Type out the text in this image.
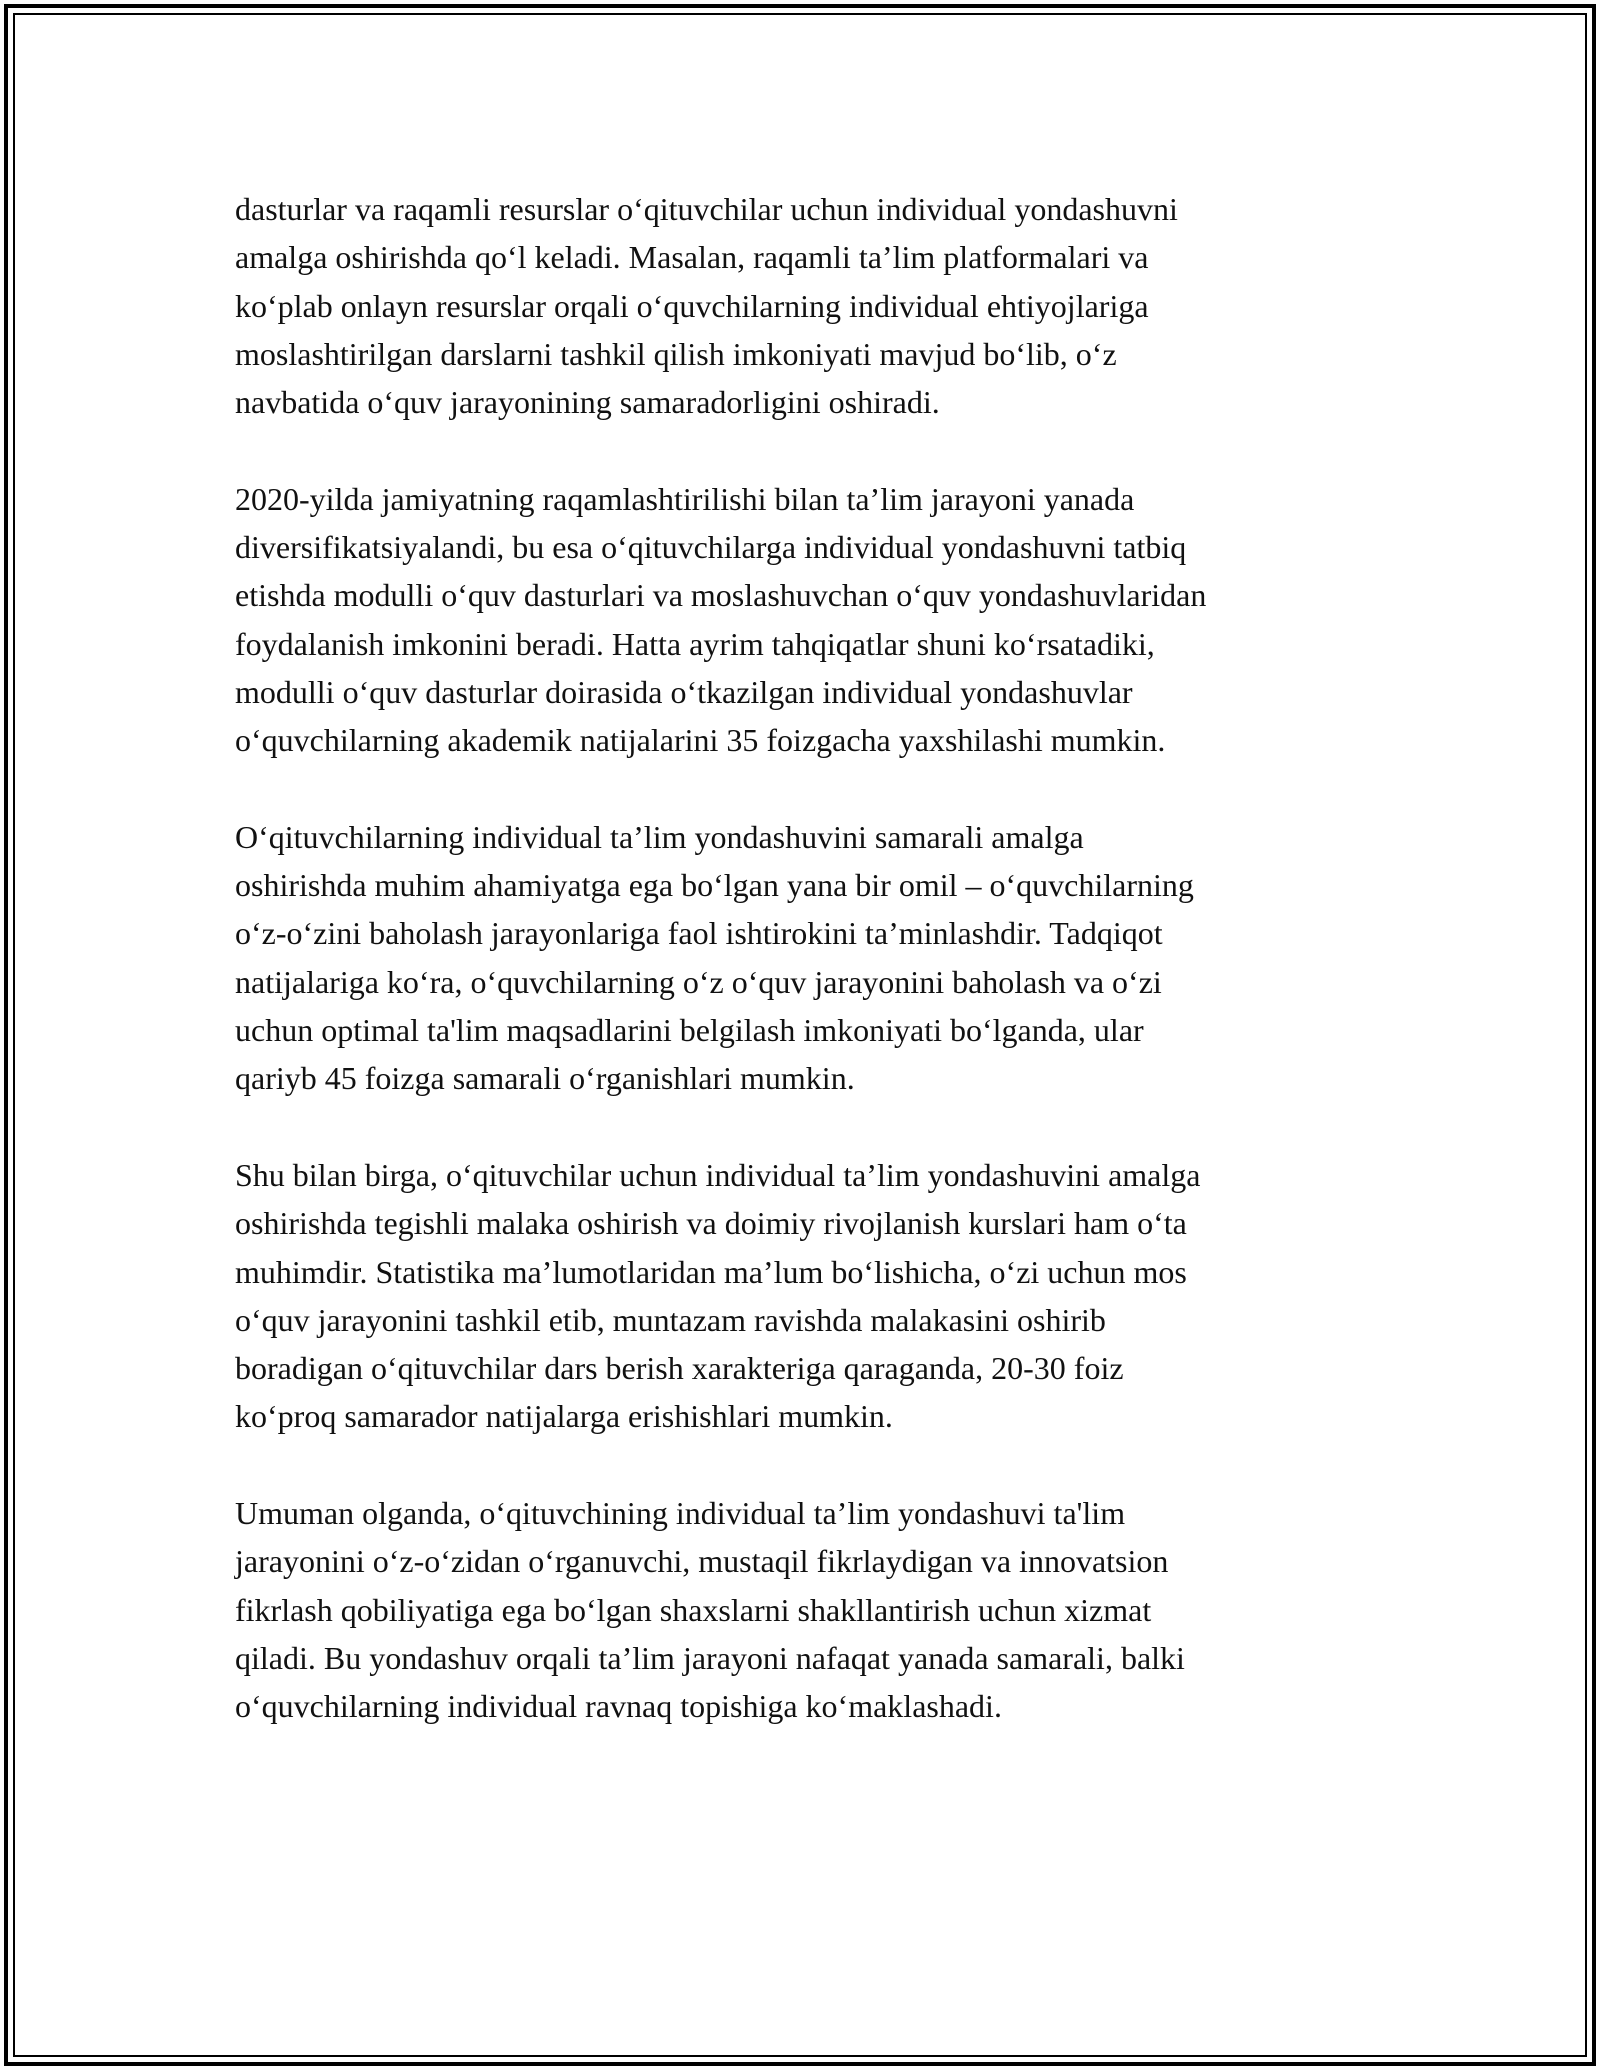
dasturlar va raqamli resurslar oʻqituvchilar uchun individual yondashuvni
amalga oshirishda qoʻl keladi. Masalan, raqamli taʼlim platformalari va
koʻplab onlayn resurslar orqali oʻquvchilarning individual ehtiyojlariga
moslashtirilgan darslarni tashkil qilish imkoniyati mavjud boʻlib, oʻz
navbatida oʻquv jarayonining samaradorligini oshiradi.

2020-yilda jamiyatning raqamlashtirilishi bilan taʼlim jarayoni yanada
diversifikatsiyalandi, bu esa oʻqituvchilarga individual yondashuvni tatbiq
etishda modulli oʻquv dasturlari va moslashuvchan oʻquv yondashuvlaridan
foydalanish imkonini beradi. Hatta ayrim tahqiqatlar shuni koʻrsatadiki,
modulli oʻquv dasturlar doirasida oʻtkazilgan individual yondashuvlar
oʻquvchilarning akademik natijalarini 35 foizgacha yaxshilashi mumkin.

Oʻqituvchilarning individual taʼlim yondashuvini samarali amalga
oshirishda muhim ahamiyatga ega boʻlgan yana bir omil – oʻquvchilarning
oʻz-oʻzini baholash jarayonlariga faol ishtirokini taʼminlashdir. Tadqiqot
natijalariga koʻra, oʻquvchilarning oʻz oʻquv jarayonini baholash va oʻzi
uchun optimal ta'lim maqsadlarini belgilash imkoniyati boʻlganda, ular
qariyb 45 foizga samarali oʻrganishlari mumkin.

Shu bilan birga, oʻqituvchilar uchun individual taʼlim yondashuvini amalga
oshirishda tegishli malaka oshirish va doimiy rivojlanish kurslari ham oʻta
muhimdir. Statistika maʼlumotlaridan maʼlum boʻlishicha, oʻzi uchun mos
oʻquv jarayonini tashkil etib, muntazam ravishda malakasini oshirib
boradigan oʻqituvchilar dars berish xarakteriga qaraganda, 20-30 foiz
koʻproq samarador natijalarga erishishlari mumkin.

Umuman olganda, oʻqituvchining individual taʼlim yondashuvi ta'lim
jarayonini oʻz-oʻzidan oʻrganuvchi, mustaqil fikrlaydigan va innovatsion
fikrlash qobiliyatiga ega boʻlgan shaxslarni shakllantirish uchun xizmat
qiladi. Bu yondashuv orqali taʼlim jarayoni nafaqat yanada samarali, balki
oʻquvchilarning individual ravnaq topishiga koʻmaklashadi.
